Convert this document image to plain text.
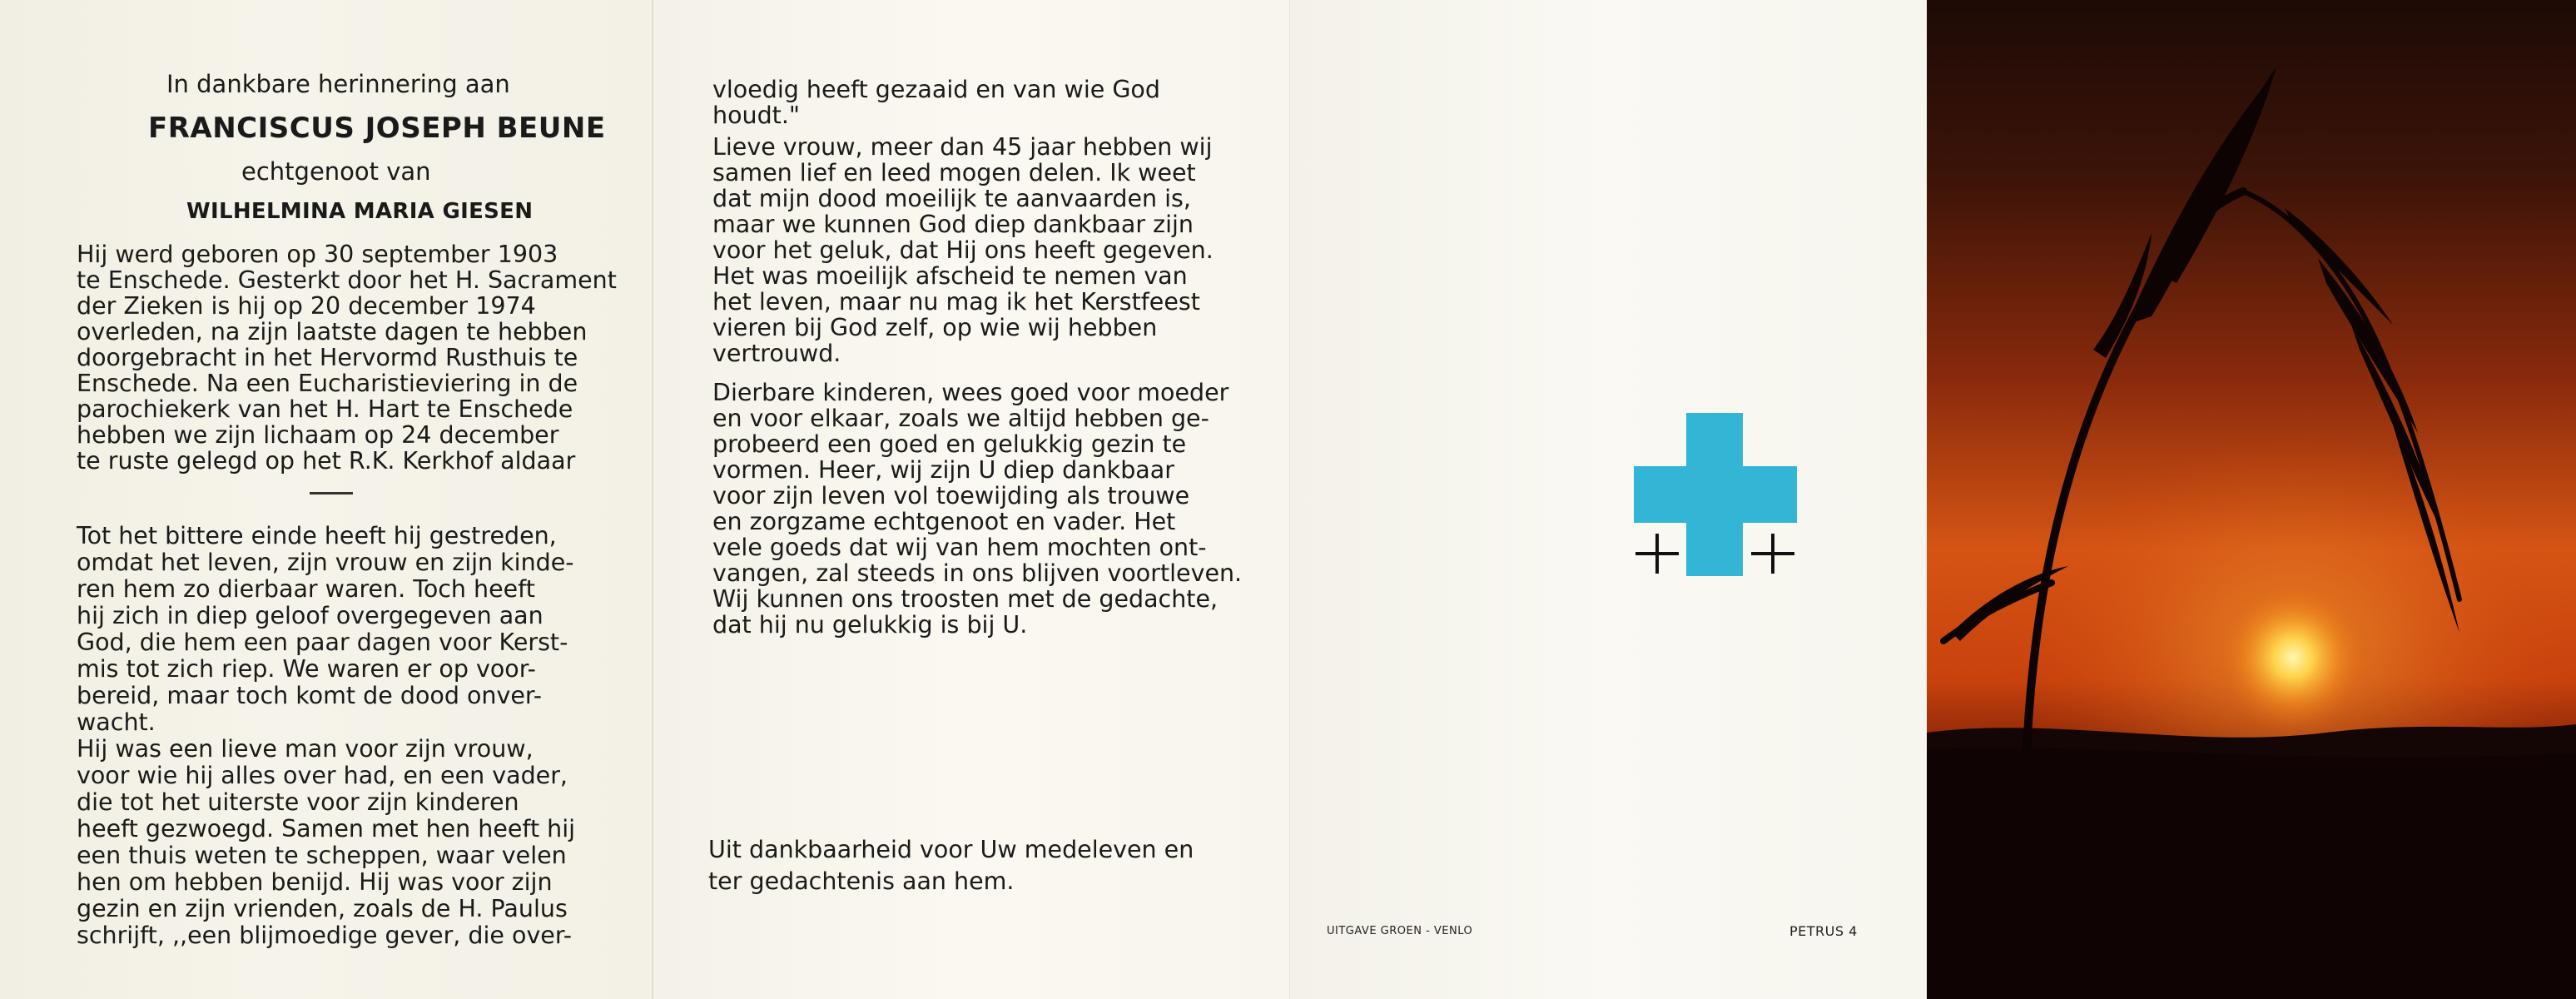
In dankbare herinnering aan
FRANCISCUS JOSEPH BEUNE
echtgenoot van
WILHELMINA MARIA GIESEN
Hij werd geboren op 30 september 1903
te Enschede. Gesterkt door het H. Sacrament
der Zieken is hij op 20 december 1974
overleden, na zijn laatste dagen te hebben
doorgebracht in het Hervormd Rusthuis te
Enschede. Na een Eucharistieviering in de
parochiekerk van het H. Hart te Enschede
hebben we zijn lichaam op 24 december
te ruste gelegd op het R.K. Kerkhof aldaar
Tot het bittere einde heeft hij gestreden,
omdat het leven, zijn vrouw en zijn kinde-
ren hem zo dierbaar waren. Toch heeft
hij zich in diep geloof overgegeven aan
God, die hem een paar dagen voor Kerst-
mis tot zich riep. We waren er op voor-
bereid, maar toch komt de dood onver-
wacht.
Hij was een lieve man voor zijn vrouw,
voor wie hij alles over had, en een vader,
die tot het uiterste voor zijn kinderen
heeft gezwoegd. Samen met hen heeft hij
een thuis weten te scheppen, waar velen
hen om hebben benijd. Hij was voor zijn
gezin en zijn vrienden, zoals de H. Paulus
schrijft, ,,een blijmoedige gever, die over-
vloedig heeft gezaaid en van wie God
houdt."
Lieve vrouw, meer dan 45 jaar hebben wij
samen lief en leed mogen delen. Ik weet
dat mijn dood moeilijk te aanvaarden is,
maar we kunnen God diep dankbaar zijn
voor het geluk, dat Hij ons heeft gegeven.
Het was moeilijk afscheid te nemen van
het leven, maar nu mag ik het Kerstfeest
vieren bij God zelf, op wie wij hebben
vertrouwd.
Dierbare kinderen, wees goed voor moeder
en voor elkaar, zoals we altijd hebben ge-
probeerd een goed en gelukkig gezin te
vormen. Heer, wij zijn U diep dankbaar
voor zijn leven vol toewijding als trouwe
en zorgzame echtgenoot en vader. Het
vele goeds dat wij van hem mochten ont-
vangen, zal steeds in ons blijven voortleven.
Wij kunnen ons troosten met de gedachte,
dat hij nu gelukkig is bij U.
Uit dankbaarheid voor Uw medeleven en
ter gedachtenis aan hem.
UITGAVE GROEN - VENLO	PETRUS 4
